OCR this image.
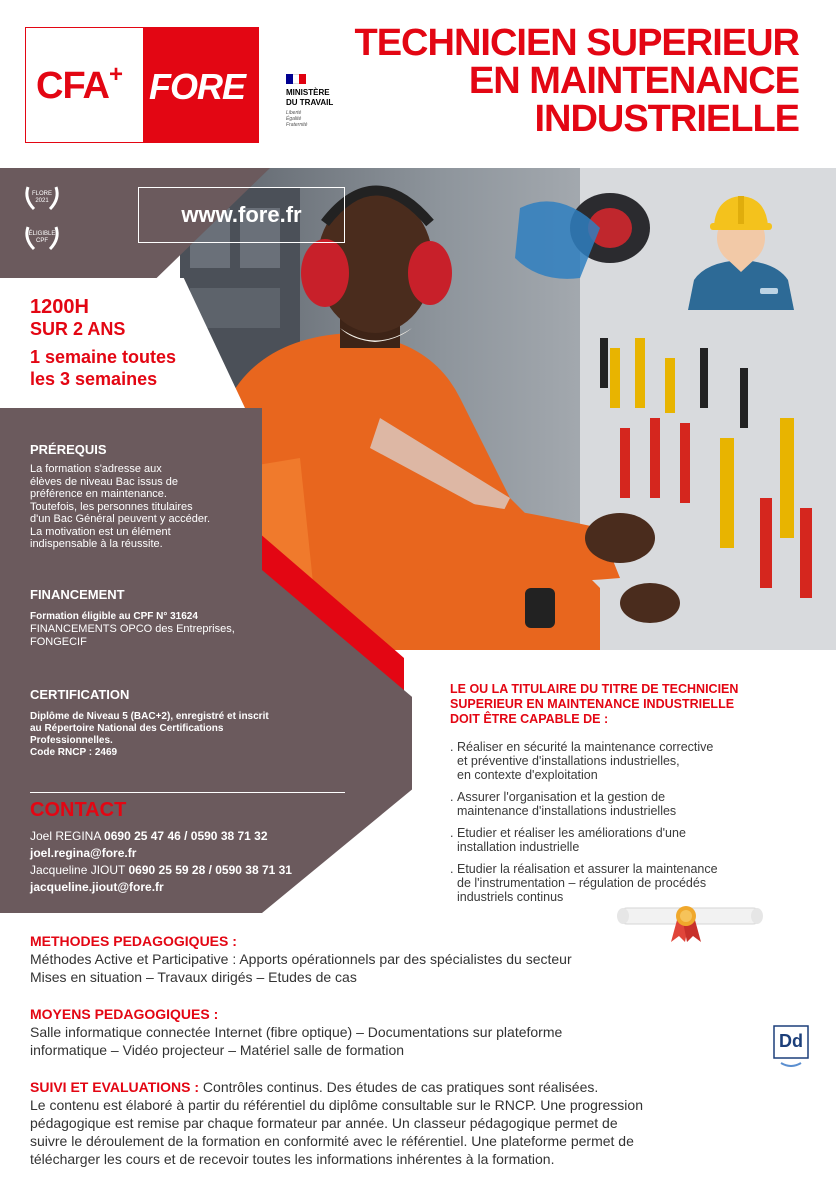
CFA+ FORE	MINISTÈRE
DU TRAVAIL
Liberté
Égalité
Fraternité
TECHNICIEN SUPERIEUR
EN MAINTENANCE
INDUSTRIELLE
FLORE
2021
ÉLIGIBLE
CPF
www.fore.fr
1200H
SUR 2 ANS
1 semaine toutes
les 3 semaines
PRÉREQUIS
La formation s'adresse aux
élèves de niveau Bac issus de
préférence en maintenance.
Toutefois, les personnes titulaires
d'un Bac Général peuvent y accéder.
La motivation est un élément
indispensable à la réussite.
FINANCEMENT
Formation éligible au CPF N° 31624
FINANCEMENTS OPCO des Entreprises,
FONGECIF
CERTIFICATION
Diplôme de Niveau 5 (BAC+2), enregistré et inscrit
au Répertoire National des Certifications
Professionnelles.
Code RNCP : 2469
CONTACT
Joel REGINA 0690 25 47 46 / 0590 38 71 32
joel.regina@fore.fr
Jacqueline JIOUT 0690 25 59 28 / 0590 38 71 31
jacqueline.jiout@fore.fr
LE OU LA TITULAIRE DU TITRE DE TECHNICIEN
SUPERIEUR EN MAINTENANCE INDUSTRIELLE
DOIT ÊTRE CAPABLE DE :
. Réaliser en sécurité la maintenance corrective
et préventive d'installations industrielles,
en contexte d'exploitation
. Assurer l'organisation et la gestion de
maintenance d'installations industrielles
. Etudier et réaliser les améliorations d'une
installation industrielle
. Etudier la réalisation et assurer la maintenance
de l'instrumentation – régulation de procédés
industriels continus
METHODES PEDAGOGIQUES :
Méthodes Active et Participative : Apports opérationnels par des spécialistes du secteur
Mises en situation – Travaux dirigés – Etudes de cas
MOYENS PEDAGOGIQUES :
Salle informatique connectée Internet (fibre optique) – Documentations sur plateforme
informatique – Vidéo projecteur – Matériel salle de formation	Dd
SUIVI ET EVALUATIONS : Contrôles continus. Des études de cas pratiques sont réalisées.
Le contenu est élaboré à partir du référentiel du diplôme consultable sur le RNCP. Une progression
pédagogique est remise par chaque formateur par année. Un classeur pédagogique permet de
suivre le déroulement de la formation en conformité avec le référentiel. Une plateforme permet de
télécharger les cours et de recevoir toutes les informations inhérentes à la formation.
